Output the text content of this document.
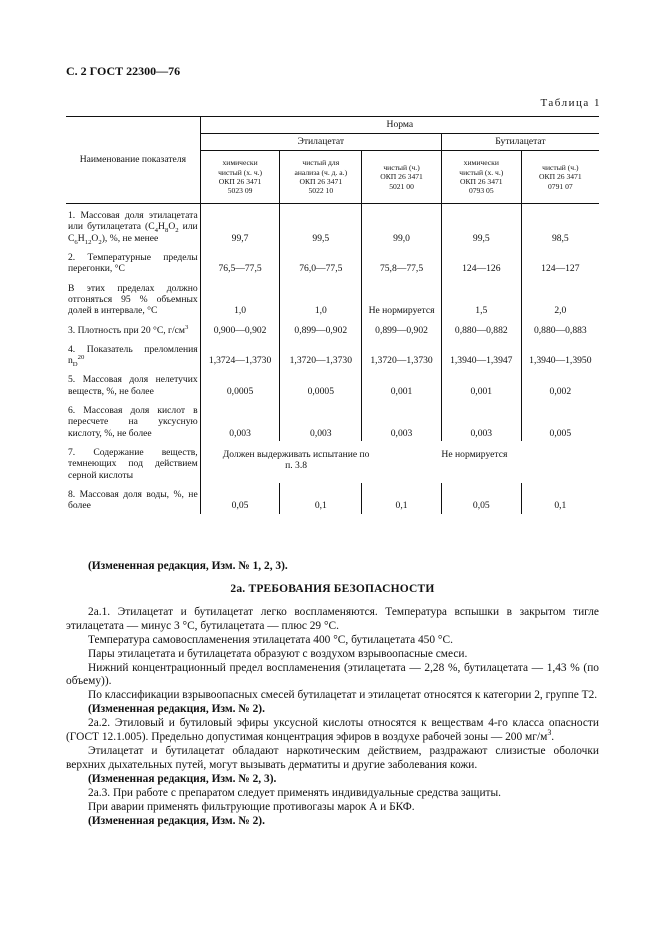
С. 2 ГОСТ 22300—76
Таблица 1
Наименование показателя	Норма				
	Этилацетат			Бутилацетат	
	химически
чистый (х. ч.)
ОКП 26 3471
5023 09	чистый для
анализа (ч. д. а.)
ОКП 26 3471
5022 10	чистый (ч.)
ОКП 26 3471
5021 00	химически
чистый (х. ч.)
ОКП 26 3471
0793 05	чистый (ч.)
ОКП 26 3471
0791 07
1. Массовая доля этилацетата или бутилацетата ($С_4Н_8О_2$ или $С_6Н_{12}О_2$), %, не менее	99,7	99,5	99,0	99,5	98,5
2. Температурные пределы перегонки, °С	76,5—77,5	76,0—77,5	75,8—77,5	124—126	124—127
В этих пределах должно отгоняться 95 % объемных долей в интервале, °С	1,0	1,0	Не нормируется	1,5	2,0
3. Плотность при 20 °С, $г/см^3$	0,900—0,902	0,899—0,902	0,899—0,902	0,880—0,882	0,880—0,883
4. Показатель преломления $n_D^{20}$	1,3724—1,3730	1,3720—1,3730	1,3720—1,3730	1,3940—1,3947	1,3940—1,3950
5. Массовая доля нелетучих веществ, %, не более	0,0005	0,0005	0,001	0,001	0,002
6. Массовая доля кислот в пересчете на уксусную кислоту, %, не более	0,003	0,003	0,003	0,003	0,005
7. Содержание веществ, темнеющих под действием серной кислоты	Должен выдерживать испытание по п. 3.8			Не нормируется	
8. Массовая доля воды, %, не более	0,05	0,1	0,1	0,05	0,1

(Измененная редакция, Изм. № 1, 2, 3).

2а. ТРЕБОВАНИЯ БЕЗОПАСНОСТИ

2а.1. Этилацетат и бутилацетат легко воспламеняются. Температура вспышки в закрытом тигле этилацетата — минус 3 °С, бутилацетата — плюс 29 °С.

Температура самовоспламенения этилацетата 400 °С, бутилацетата 450 °С.

Пары этилацетата и бутилацетата образуют с воздухом взрывоопасные смеси.

Нижний концентрационный предел воспламенения (этилацетата — 2,28 %, бутилацетата — 1,43 % (по объему)).

По классификации взрывоопасных смесей бутилацетат и этилацетат относятся к категории 2, группе Т2.

(Измененная редакция, Изм. № 2).

2а.2. Этиловый и бутиловый эфиры уксусной кислоты относятся к веществам 4-го класса опасности (ГОСТ 12.1.005). Предельно допустимая концентрация эфиров в воздухе рабочей зоны — 200 $мг/м^3$.

Этилацетат и бутилацетат обладают наркотическим действием, раздражают слизистые оболочки верхних дыхательных путей, могут вызывать дерматиты и другие заболевания кожи.

(Измененная редакция, Изм. № 2, 3).

2а.3. При работе с препаратом следует применять индивидуальные средства защиты.

При аварии применять фильтрующие противогазы марок А и БКФ.

(Измененная редакция, Изм. № 2).
